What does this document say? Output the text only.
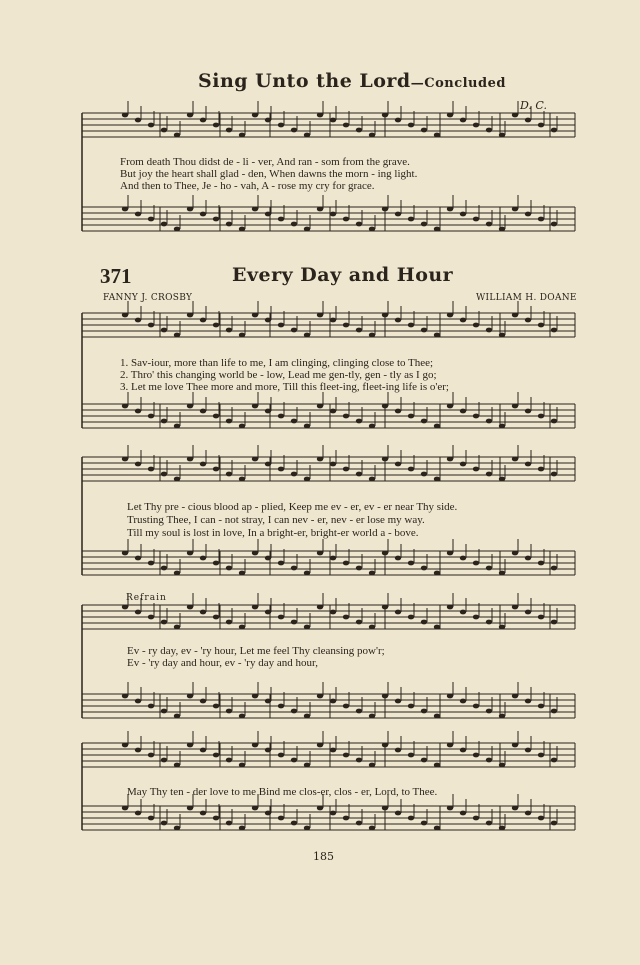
Sing Unto the Lord—Concluded
D. C.
From death Thou didst de - li - ver, And ran - som from the grave.
But joy the heart shall glad - den, When dawns the morn - ing light.
And then to Thee, Je - ho - vah, A - rose my cry for grace.
371	Every Day and Hour
FANNY J. CROSBY	WILLIAM H. DOANE
1. Sav-iour, more than life to me, I am clinging, clinging close to Thee;
2. Thro' this changing world be - low, Lead me gen-tly, gen - tly as I go;
3. Let me love Thee more and more, Till this fleet-ing, fleet-ing life is o'er;
Let Thy pre - cious blood ap - plied, Keep me ev - er, ev - er near Thy side.
Trusting Thee, I can - not stray, I can nev - er, nev - er lose my way.
Till my soul is lost in love, In a bright-er, bright-er world a - bove.
Refrain
Ev - ry day, ev - 'ry hour, Let me feel Thy cleansing pow'r;
Ev - 'ry day and hour, ev - 'ry day and hour,
May Thy ten - der love to me Bind me clos-er, clos - er, Lord, to Thee.
185
